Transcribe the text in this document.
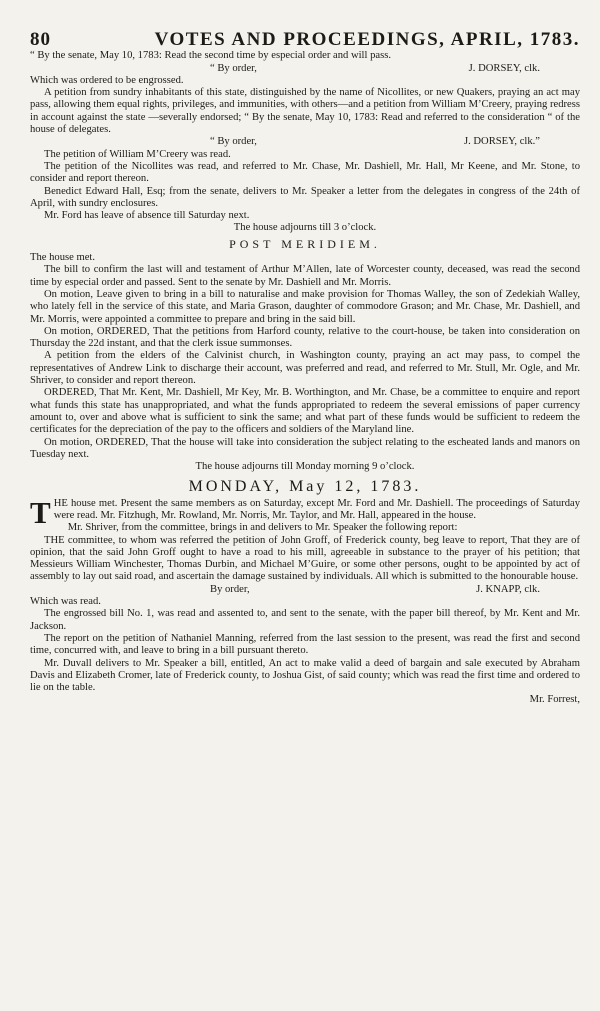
80	VOTES AND PROCEEDINGS, APRIL, 1783.

“ By the senate, May 10, 1783: Read the second time by especial order and will pass.

“ By order,	J. DORSEY, clk.

Which was ordered to be engrossed.

A petition from sundry inhabitants of this state, distinguished by the name of Nicollites, or new Quakers, praying an act may pass, allowing them equal rights, privileges, and immunities, with others—and a petition from William M’Creery, praying redress in account against the state —severally endorsed; “ By the senate, May 10, 1783: Read and referred to the consideration “ of the house of delegates.

“ By order,	J. DORSEY, clk.”

The petition of William M’Creery was read.

The petition of the Nicollites was read, and referred to Mr. Chase, Mr. Dashiell, Mr. Hall, Mr Keene, and Mr. Stone, to consider and report thereon.

Benedict Edward Hall, Esq; from the senate, delivers to Mr. Speaker a letter from the delegates in congress of the 24th of April, with sundry enclosures.

Mr. Ford has leave of absence till Saturday next.

The house adjourns till 3 o’clock.

POST MERIDIEM.

The house met.

The bill to confirm the last will and testament of Arthur M’Allen, late of Worcester county, deceased, was read the second time by especial order and passed. Sent to the senate by Mr. Dashiell and Mr. Morris.

On motion, Leave given to bring in a bill to naturalise and make provision for Thomas Walley, the son of Zedekiah Walley, who lately fell in the service of this state, and Maria Grason, daughter of commodore Grason; and Mr. Chase, Mr. Dashiell, and Mr. Morris, were appointed a committee to prepare and bring in the said bill.

On motion, ORDERED, That the petitions from Harford county, relative to the court-house, be taken into consideration on Thursday the 22d instant, and that the clerk issue summonses.

A petition from the elders of the Calvinist church, in Washington county, praying an act may pass, to compel the representatives of Andrew Link to discharge their account, was preferred and read, and referred to Mr. Stull, Mr. Ogle, and Mr. Shriver, to consider and report thereon.

ORDERED, That Mr. Kent, Mr. Dashiell, Mr Key, Mr. B. Worthington, and Mr. Chase, be a committee to enquire and report what funds this state has unappropriated, and what the funds appropriated to redeem the several emissions of paper currency amount to, over and above what is sufficient to sink the same; and what part of these funds would be sufficient to redeem the certificates for the depreciation of the pay to the officers and soldiers of the Maryland line.

On motion, ORDERED, That the house will take into consideration the subject relating to the escheated lands and manors on Tuesday next.

The house adjourns till Monday morning 9 o’clock.

MONDAY, May 12, 1783.

THE house met. Present the same members as on Saturday, except Mr. Ford and Mr. Dashiell. The proceedings of Saturday were read. Mr. Fitzhugh, Mr. Rowland, Mr. Norris, Mr. Taylor, and Mr. Hall, appeared in the house.

Mr. Shriver, from the committee, brings in and delivers to Mr. Speaker the following report:

THE committee, to whom was referred the petition of John Groff, of Frederick county, beg leave to report, That they are of opinion, that the said John Groff ought to have a road to his mill, agreeable in substance to the prayer of his petition; that Messieurs William Winchester, Thomas Durbin, and Michael M’Guire, or some other persons, ought to be appointed by act of assembly to lay out said road, and ascertain the damage sustained by individuals. All which is submitted to the honourable house.

By order,	J. KNAPP, clk.

Which was read.

The engrossed bill No. 1, was read and assented to, and sent to the senate, with the paper bill thereof, by Mr. Kent and Mr. Jackson.

The report on the petition of Nathaniel Manning, referred from the last session to the present, was read the first and second time, concurred with, and leave to bring in a bill pursuant thereto.

Mr. Duvall delivers to Mr. Speaker a bill, entitled, An act to make valid a deed of bargain and sale executed by Abraham Davis and Elizabeth Cromer, late of Frederick county, to Joshua Gist, of said county; which was read the first time and ordered to lie on the table.

Mr. Forrest,
